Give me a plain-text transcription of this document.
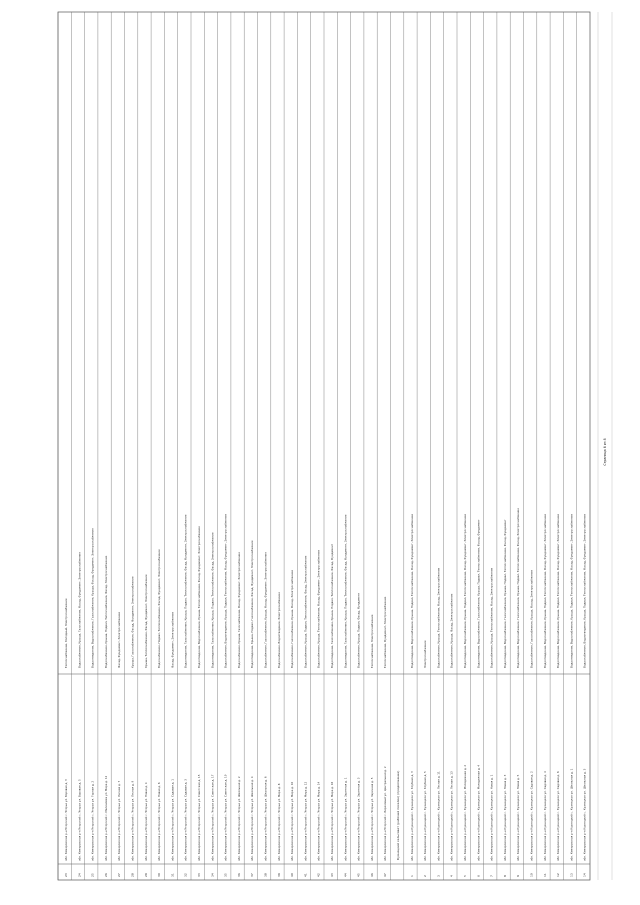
23
обл. Кемеровская р-н Угорский с. Угорье ул. Боровая д. 3
Теплоснабжение, Холодный, Электроснабжение
24
обл. Кемеровская р-н Угорский с. Угорье ул. Боровая д. 5
Водоснабжение, Крыша, Газоснабжение, Фасад, Фундамент, Электроснабжение
25
обл. Кемеровская р-н Угорский с. Угорье ул. Горная д. 2
Водоотведение, Водоснабжение, Газоснабжение, Крыша, Фасад, Фундамент, Электроснабжение
26
обл. Кемеровская р-н Угорский с. Малиновка ул. Мира д. 12
Водоснабжение, Крыша, Подвал, Теплоснабжение, Фасад, Электроснабжение
27
обл. Кемеровская р-н Угорский с. Угорье ул. Лесная д. 7
Фасад, Фундамент, Электроснабжение
28
обл. Кемеровская р-н Угорский с. Угорье ул. Лесная д. 9
Крыша, Газоснабжение, Фасад, Фундамент, Электроснабжение
29
обл. Кемеровская р-н Угорский с. Угорье ул. Новая д. 4
Крыша, Теплоснабжение, Фасад, Фундамент, Электроснабжение
30
обл. Кемеровская р-н Угорский с. Угорье ул. Новая д. 6
Водоснабжение, Подвал, Теплоснабжение, Фасад, Фундамент, Электроснабжение
31
обл. Кемеровская р-н Угорский с. Угорье ул. Садовая д. 1
Фасад, Фундамент, Электроснабжение
32
обл. Кемеровская р-н Угорский с. Угорье ул. Садовая д. 3
Водоотведение, Газоснабжение, Крыша, Подвал, Теплоснабжение, Фасад, Фундамент, Электроснабжение
33
обл. Кемеровская р-н Угорский с. Угорье ул. Советская д. 15
Водоотведение, Водоснабжение, Крыша, Теплоснабжение, Фасад, Фундамент, Электроснабжение
34
обл. Кемеровская р-н Угорский с. Угорье ул. Советская д. 17
Водоотведение, Газоснабжение, Крыша, Подвал, Теплоснабжение, Фасад, Электроснабжение
35
обл. Кемеровская р-н Угорский с. Угорье ул. Советская д. 19
Водоснабжение, Водоотведение, Крыша, Подвал, Теплоснабжение, Фасад, Фундамент, Электроснабжение
36
обл. Кемеровская р-н Угорский с. Угорье ул. Школьная д. 2
Водоснабжение, Крыша, Газоснабжение, Фасад, Фундамент, Электроснабжение
37
обл. Кемеровская р-н Угорский с. Угорье ул. Школьная д. 4
Водоотведение, Крыша, Подвал, Газоснабжение, Фасад, Фундамент, Электроснабжение
38
обл. Кемеровская р-н Угорский с. Угорье ул. Школьная д. 6
Водоснабжение, Газоснабжение, Крыша, Фасад, Фундамент, Электроснабжение
39
обл. Кемеровская р-н Угорский с. Угорье ул. Мира д. 8
Водоснабжение, Водоотведение, Электроснабжение
40
обл. Кемеровская р-н Угорский с. Угорье ул. Мира д. 10
Водоснабжение, Газоснабжение, Крыша, Фасад, Электроснабжение
41
обл. Кемеровская р-н Угорский с. Угорье ул. Мира д. 12
Водоснабжение, Крыша, Подвал, Теплоснабжение, Фасад, Электроснабжение
42
обл. Кемеровская р-н Угорский с. Угорье ул. Мира д. 14
Водоснабжение, Крыша, Теплоснабжение, Фасад, Фундамент, Электроснабжение
43
обл. Кемеровская р-н Угорский с. Угорье ул. Мира д. 16
Водоотведение, Газоснабжение, Крыша, Подвал, Теплоснабжение, Фасад, Фундамент
44
обл. Кемеровская р-н Угорский с. Угорье ул. Заречная д. 1
Водоотведение, Газоснабжение, Крыша, Подвал, Теплоснабжение, Фасад, Фундамент, Электроснабжение
45
обл. Кемеровская р-н Угорский с. Угорье ул. Заречная д. 3
Водоснабжение, Крыша, Подвал, Фасад, Фундамент
46
обл. Кемеровская р-н Угорский с. Угорье ул. Заречная д. 5
Теплоснабжение, Электроснабжение
47
обл. Кемеровская р-н Угорский с. Березовый ул. Центральная д. 2
Теплоснабжение, Фундамент, Электроснабжение
Кузнецкий сельсовет (рабочий поселок) (продолжение)
1
обл. Кемеровская р-н Кузнецкий с. Кузнецкое ул. Клубная д. 3
Водоотведение, Водоснабжение, Крыша, Подвал, Теплоснабжение, Фасад, Фундамент, Электроснабжение
2
обл. Кемеровская р-н Кузнецкий с. Кузнецкое ул. Клубная д. 5
Электроснабжение
3
обл. Кемеровская р-н Кузнецкий с. Кузнецкое ул. Лесная д. 11
Водоснабжение, Крыша, Теплоснабжение, Фасад, Электроснабжение
4
обл. Кемеровская р-н Кузнецкий с. Кузнецкое ул. Лесная д. 13
Водоснабжение, Крыша, Фасад, Электроснабжение
5
обл. Кемеровская р-н Кузнецкий с. Кузнецкое ул. Молодежная д. 2
Водоотведение, Водоснабжение, Крыша, Подвал, Теплоснабжение, Фасад, Фундамент, Электроснабжение
6
обл. Кемеровская р-н Кузнецкий с. Кузнецкое ул. Молодежная д. 4
Водоотведение, Водоснабжение, Газоснабжение, Крыша, Подвал, Теплоснабжение, Фасад, Фундамент
7
обл. Кемеровская р-н Кузнецкий с. Кузнецкое ул. Новая д. 1
Водоснабжение, Крыша, Теплоснабжение, Фасад, Электроснабжение
8
обл. Кемеровская р-н Кузнецкий с. Кузнецкое ул. Новая д. 3
Водоотведение, Водоснабжение, Газоснабжение, Крыша, Подвал, Теплоснабжение, Фасад, Фундамент
9
обл. Кемеровская р-н Кузнецкий с. Кузнецкое ул. Новая д. 5
Водоотведение, Водоснабжение, Газоснабжение, Крыша, Подвал, Теплоснабжение, Фасад, Электроснабжение
10
обл. Кемеровская р-н Кузнецкий с. Кузнецкое ул. Садовая д. 2
Водоснабжение, Газоснабжение, Крыша, Фасад, Электроснабжение
11
обл. Кемеровская р-н Кузнецкий с. Кузнецкое ул. Садовая д. 4
Водоотведение, Водоснабжение, Крыша, Подвал, Теплоснабжение, Фасад, Фундамент, Электроснабжение
12
обл. Кемеровская р-н Кузнецкий с. Кузнецкое ул. Садовая д. 6
Водоотведение, Водоснабжение, Крыша, Подвал, Теплоснабжение, Фасад, Фундамент, Электроснабжение
13
обл. Кемеровская р-н Кузнецкий с. Кузнецкое ул. Школьная д. 1
Водоотведение, Водоснабжение, Крыша, Подвал, Теплоснабжение, Фасад, Фундамент, Электроснабжение
14
обл. Кемеровская р-н Кузнецкий с. Кузнецкое ул. Школьная д. 3
Водоснабжение, Водоотведение, Крыша, Подвал, Теплоснабжение, Фасад, Фундамент, Электроснабжение
Страница 6 из 8
